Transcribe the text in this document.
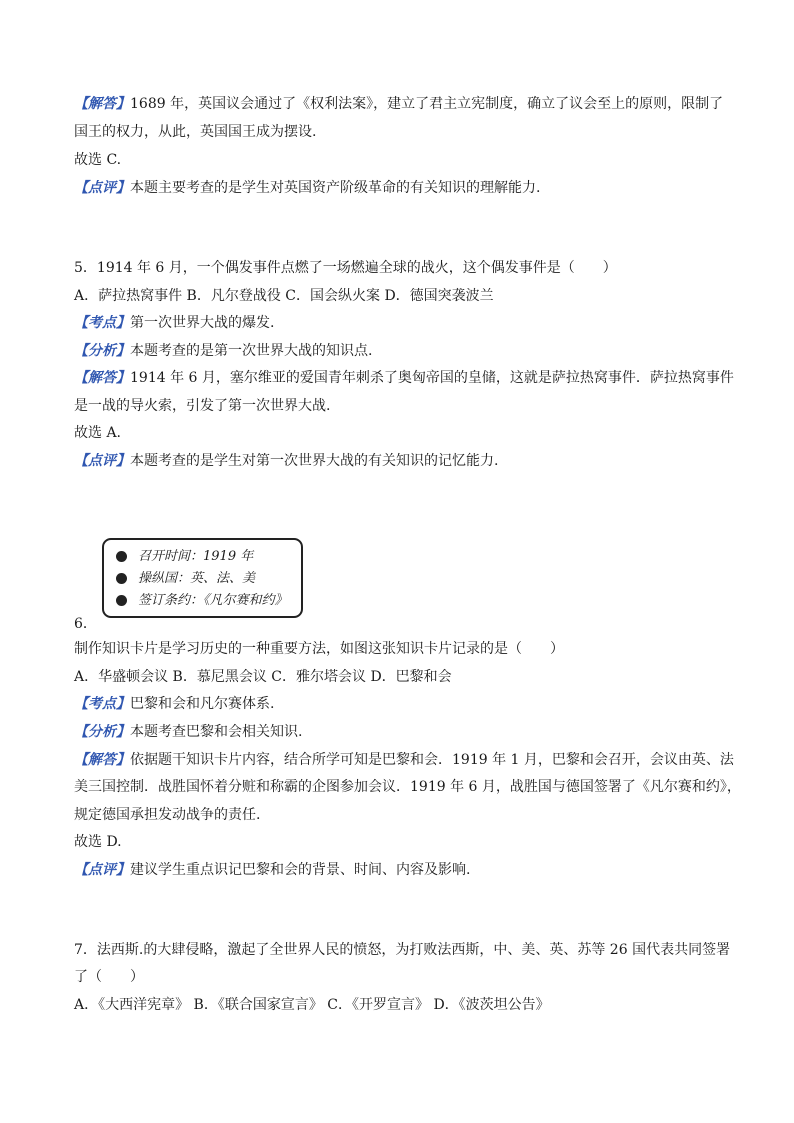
【解答】1689 年，英国议会通过了《权利法案》，建立了君主立宪制度，确立了议会至上的原则，限制了
国王的权力，从此，英国国王成为摆设.
故选 C.
【点评】本题主要考查的是学生对英国资产阶级革命的有关知识的理解能力.
5．1914 年 6 月，一个偶发事件点燃了一场燃遍全球的战火，这个偶发事件是（　　）
A．萨拉热窝事件 B．凡尔登战役 C．国会纵火案 D．德国突袭波兰
【考点】第一次世界大战的爆发.
【分析】本题考查的是第一次世界大战的知识点.
【解答】1914 年 6 月，塞尔维亚的爱国青年刺杀了奥匈帝国的皇储，这就是萨拉热窝事件．萨拉热窝事件
是一战的导火索，引发了第一次世界大战.
故选 A.
【点评】本题考查的是学生对第一次世界大战的有关知识的记忆能力.
召开时间：1919 年
操纵国：英、法、美
签订条约：《凡尔赛和约》
6．
制作知识卡片是学习历史的一种重要方法，如图这张知识卡片记录的是（　　）
A．华盛顿会议 B．慕尼黑会议 C．雅尔塔会议 D．巴黎和会
【考点】巴黎和会和凡尔赛体系.
【分析】本题考查巴黎和会相关知识.
【解答】依据题干知识卡片内容，结合所学可知是巴黎和会．1919 年 1 月，巴黎和会召开，会议由英、法
美三国控制．战胜国怀着分赃和称霸的企图参加会议．1919 年 6 月，战胜国与德国签署了《凡尔赛和约》，
规定德国承担发动战争的责任.
故选 D.
【点评】建议学生重点识记巴黎和会的背景、时间、内容及影响.
7．法西斯.的大肆侵略，激起了全世界人民的愤怒，为打败法西斯，中、美、英、苏等 26 国代表共同签署
了（　　）
A．《大西洋宪章》 B．《联合国家宣言》 C．《开罗宣言》 D．《波茨坦公告》
